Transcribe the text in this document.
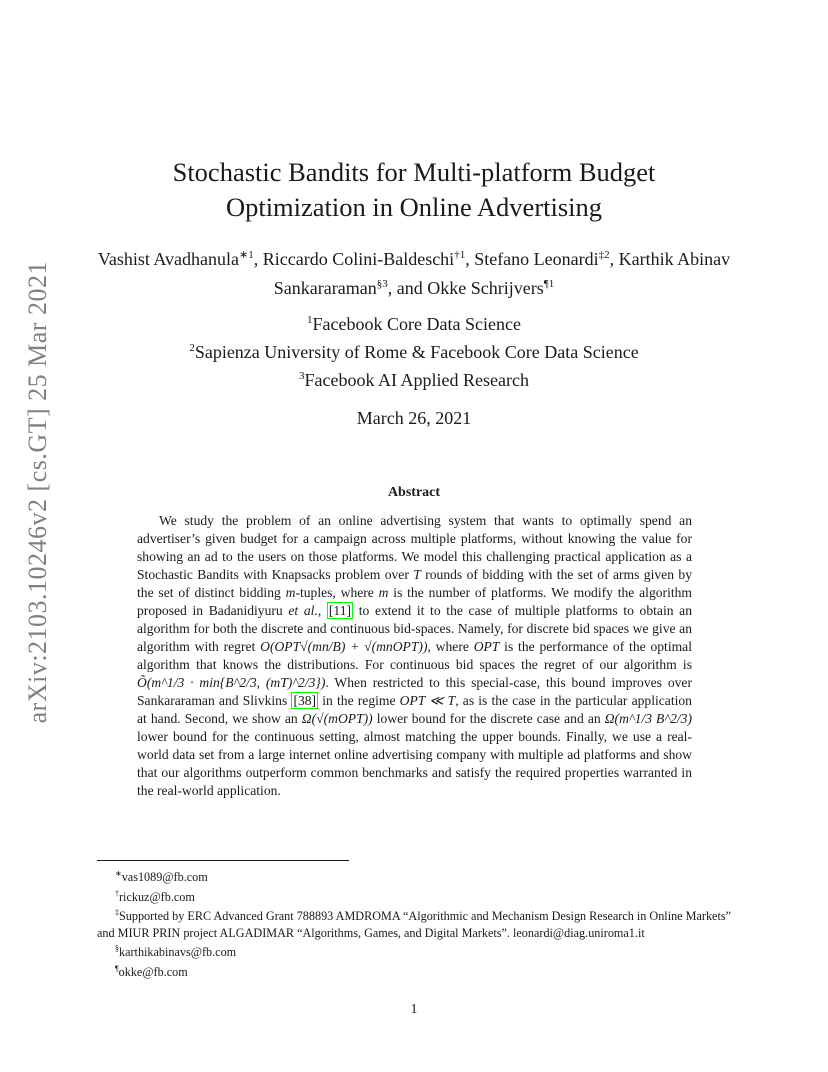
arXiv:2103.10246v2 [cs.GT] 25 Mar 2021
Stochastic Bandits for Multi-platform Budget
Optimization in Online Advertising
Vashist Avadhanula$^{∗1}$, Riccardo Colini-Baldeschi$^{\dagger 1}$, Stefano Leonardi$^{\ddagger 2}$, Karthik Abinav Sankararaman$^{\S 3}$, and Okke Schrijvers$^{\P 1}$
$^1$Facebook Core Data Science
$^2$Sapienza University of Rome & Facebook Core Data Science
$^3$Facebook AI Applied Research
March 26, 2021
Abstract
We study the problem of an online advertising system that wants to optimally spend an advertiser’s given budget for a campaign across multiple platforms, without knowing the value for showing an ad to the users on those platforms. We model this challenging practical application as a Stochastic Bandits with Knapsacks problem over T rounds of bidding with the set of arms given by the set of distinct bidding m-tuples, where m is the number of platforms. We modify the algorithm proposed in Badanidiyuru et al., [11] to extend it to the case of multiple platforms to obtain an algorithm for both the discrete and continuous bid-spaces. Namely, for discrete bid spaces we give an algorithm with regret O(OPT√(mn/B) + √(mnOPT)), where OPT is the performance of the optimal algorithm that knows the distributions. For continuous bid spaces the regret of our algorithm is Õ(m^1/3 · min{B^2/3, (mT)^2/3}). When restricted to this special-case, this bound improves over Sankararaman and Slivkins [38] in the regime OPT ≪ T, as is the case in the particular application at hand. Second, we show an Ω(√(mOPT)) lower bound for the discrete case and an Ω(m^1/3 B^2/3) lower bound for the continuous setting, almost matching the upper bounds. Finally, we use a real-world data set from a large internet online advertising company with multiple ad platforms and show that our algorithms outperform common benchmarks and satisfy the required properties warranted in the real-world application.
∗vas1089@fb.com
†rickuz@fb.com
‡Supported by ERC Advanced Grant 788893 AMDROMA “Algorithmic and Mechanism Design Research in Online Markets” and MIUR PRIN project ALGADIMAR “Algorithms, Games, and Digital Markets”. leonardi@diag.uniroma1.it
§karthikabinavs@fb.com
¶okke@fb.com
1
